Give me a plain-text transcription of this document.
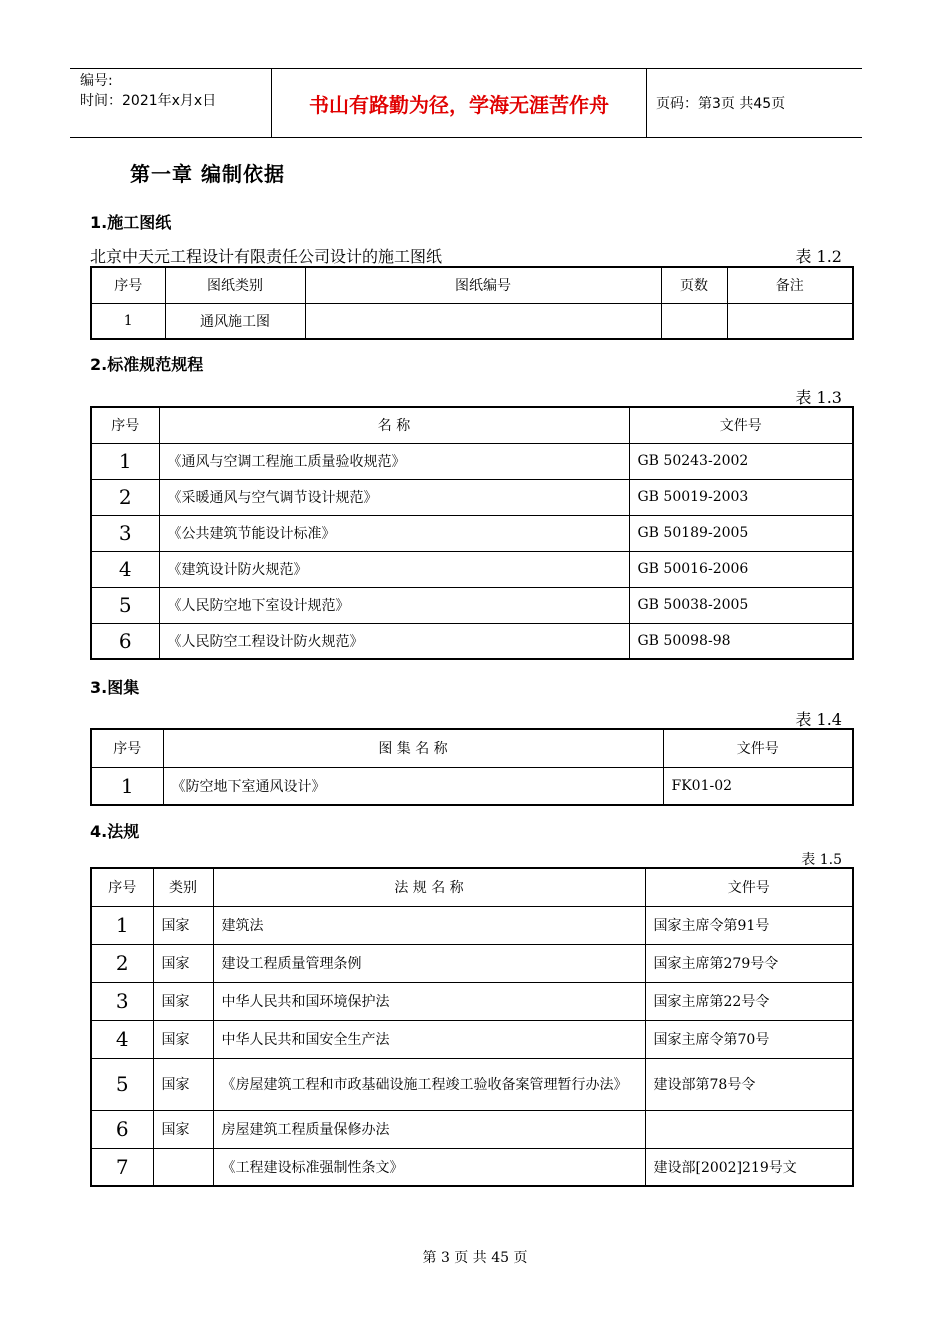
编号:
时间：2021年x月x日	书山有路勤为径，学海无涯苦作舟	页码：第3页 共45页
第一章 编制依据
1.施工图纸
北京中天元工程设计有限责任公司设计的施工图纸	表 1.2
序号	图纸类别	图纸编号	页数	备注
1	通风施工图			
2.标准规范规程
表 1.3
序号	名 称	文件号
1	《通风与空调工程施工质量验收规范》	GB 50243-2002
2	《采暖通风与空气调节设计规范》	GB 50019-2003
3	《公共建筑节能设计标准》	GB 50189-2005
4	《建筑设计防火规范》	GB 50016-2006
5	《人民防空地下室设计规范》	GB 50038-2005
6	《人民防空工程设计防火规范》	GB 50098-98
3.图集
表 1.4
序号	图 集 名 称	文件号
1	《防空地下室通风设计》	FK01-02
4.法规
表 1.5
序号	类别	法 规 名 称	文件号
1	国家	建筑法	国家主席令第91号
2	国家	建设工程质量管理条例	国家主席第279号令
3	国家	中华人民共和国环境保护法	国家主席第22号令
4	国家	中华人民共和国安全生产法	国家主席令第70号
5	国家	《房屋建筑工程和市政基础设施工程竣工验收备案管理暂行办法》	建设部第78号令
6	国家	房屋建筑工程质量保修办法	
7		《工程建设标准强制性条文》	建设部[2002]219号文
第 3 页 共 45 页
